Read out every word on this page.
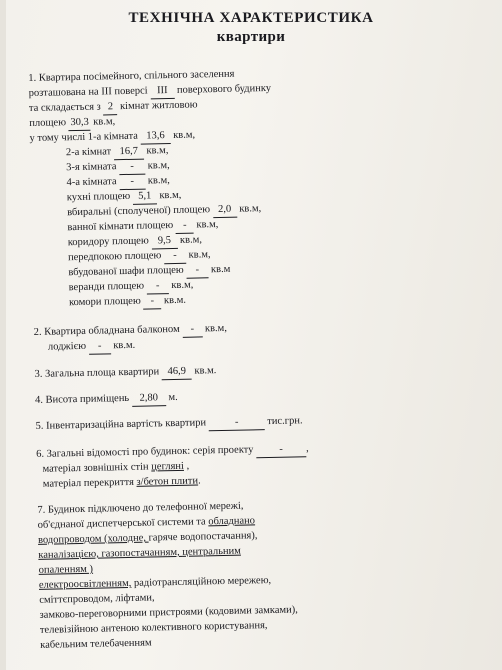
ТЕХНІЧНА ХАРАКТЕРИСТИКА
квартири
1. Квартира посімейного, спільного заселення
розташована на III поверсі III поверхового будинку
та складається з 2 кімнат житловою
площею 30,3 кв.м,
у тому числі 1-а кімната 13,6 кв.м,
2-а кімнат 16,7 кв.м,
3-я кімната - кв.м,
4-а кімната - кв.м,
кухні площею 5,1 кв.м,
вбиральні (сполученої) площею 2,0 кв.м,
ванної кімнати площею - кв.м,
коридору площею 9,5 кв.м,
передпокою площею - кв.м,
вбудованої шафи площею - кв.м
веранди площею - кв.м,
комори площею - кв.м.
2. Квартира обладнана балконом - кв.м,
лоджією - кв.м.
3. Загальна площа квартири 46,9 кв.м.
4. Висота приміщень 2,80 м.
5. Інвентаризаційна вартість квартири - тис.грн.
6. Загальні відомості про будинок: серія проекту - ,
матеріал зовнішніх стін цегляні ,
матеріал перекриття з/бетон плити.
7. Будинок підключено до телефонної мережі,
об'єднаної диспетчерської системи та обладнано
водопроводом (холодне, гаряче водопостачання),
каналізацією, газопостачанням, центральним
опаленням )
електроосвітленням, радіотрансляційною мережею,
сміттєпроводом, ліфтами,
замково-переговорними пристроями (кодовими замками),
телевізійною антеною колективного користування,
кабельним телебаченням
